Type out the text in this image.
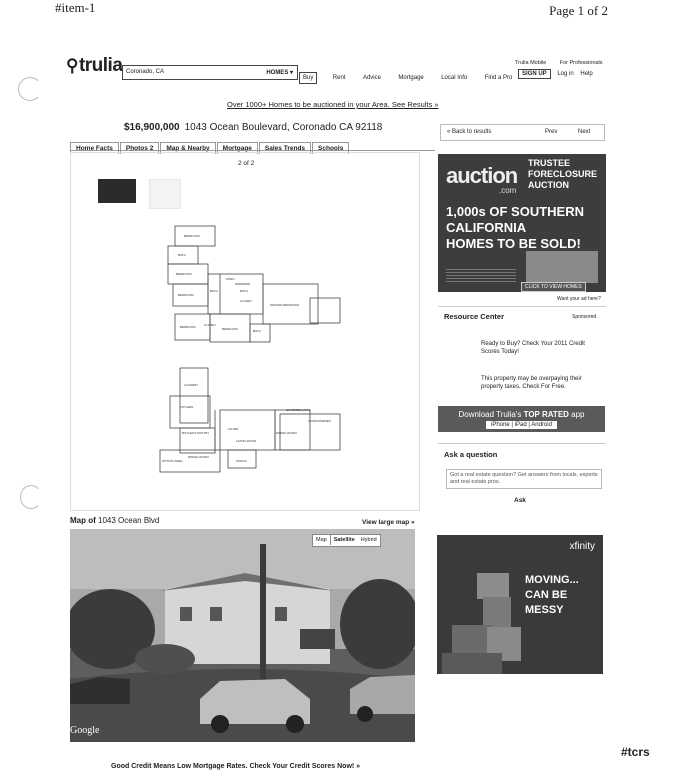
#item-1	Page 1 of 2
⚲trulia	Trulia Mobile For Professionals
Coronado, CA	HOMES ▾
Buy	Rent	Advice	Mortgage	Local Info	Find a Pro
SIGN UP Log in Help
Over 1000+ Homes to be auctioned in your Area. See Results »
$16,900,000 1043 Ocean Boulevard, Coronado CA 92118
Home Facts Photos 2 Map & Nearby Mortgage Sales Trends Schools
2 of 2
BEDROOM
BATH
BEDROOM
BEDROOM
BATH
OPEN
BATH
CLOSET
MASTER BEDROOM
BEDROOM	CLOSET
BEDROOM	BATH
LAUNDRY
KITCHEN
BUTLER'S PANTRY
SITTING AREA
DINING ROOM
FOYER
LIVING ROOM
DINING ROOM
SUNROOM/DEN
COVERED LANAI
PORCH
« Back to results	Prev	Next
auction
.com
TRUSTEE
FORECLOSURE
AUCTION
1,000s OF SOUTHERN
CALIFORNIA
HOMES TO BE SOLD!
CLICK TO VIEW HOMES
Want your ad here?
Resource Center	Sponsored
Ready to Buy? Check Your 2011 Credit Scores Today!
This property may be overpaying their property taxes. Check For Free.
Download Trulia's TOP RATED app
iPhone | iPad | Android
Ask a question
Got a real estate question? Get answers from locals, experts and real estate pros.
Ask
Map of 1043 Ocean Blvd	View large map »
Map Satellite Hybrid
Google
xfinity
MOVING...
CAN BE
MESSY
#tcrs
Good Credit Means Low Mortgage Rates. Check Your Credit Scores Now! »
